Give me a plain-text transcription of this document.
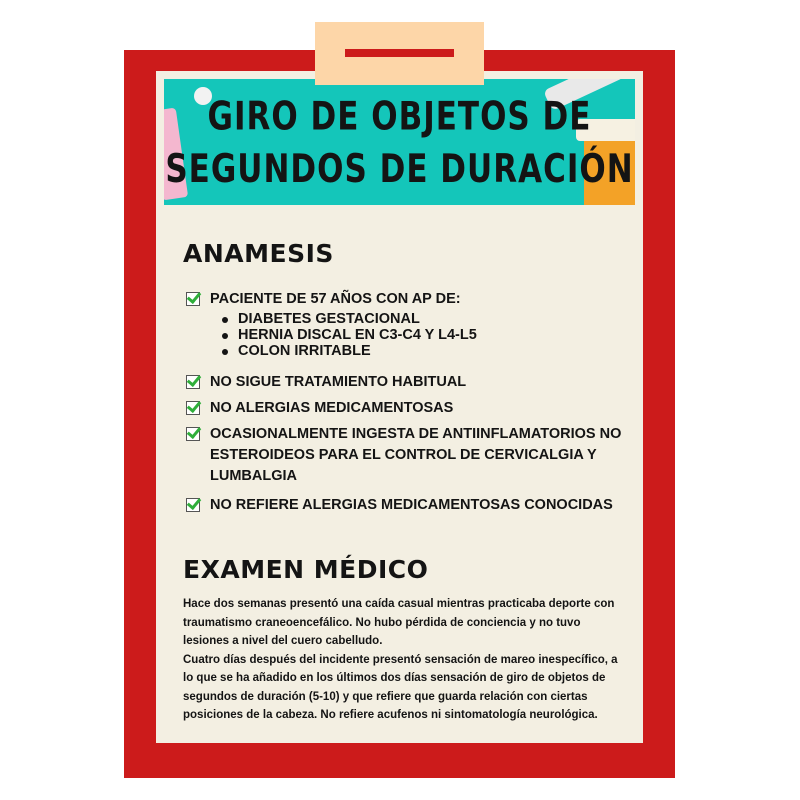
GIRO DE OBJETOS DE
SEGUNDOS DE DURACIÓN
ANAMESIS
PACIENTE DE 57 AÑOS CON AP DE:
DIABETES GESTACIONAL
HERNIA DISCAL EN C3-C4 Y L4-L5
COLON IRRITABLE
NO SIGUE TRATAMIENTO HABITUAL
NO ALERGIAS MEDICAMENTOSAS
OCASIONALMENTE INGESTA DE ANTIINFLAMATORIOS NO ESTEROIDEOS PARA EL CONTROL DE CERVICALGIA Y LUMBALGIA
NO REFIERE ALERGIAS MEDICAMENTOSAS CONOCIDAS
EXAMEN MÉDICO

Hace dos semanas presentó una caída casual mientras practicaba deporte con traumatismo craneoencefálico. No hubo pérdida de conciencia y no tuvo lesiones a nivel del cuero cabelludo.

Cuatro días después del incidente presentó sensación de mareo inespecífico, a lo que se ha añadido en los últimos dos días sensación de giro de objetos de segundos de duración (5-10) y que refiere que guarda relación con ciertas posiciones de la cabeza. No refiere acufenos ni sintomatología neurológica.
